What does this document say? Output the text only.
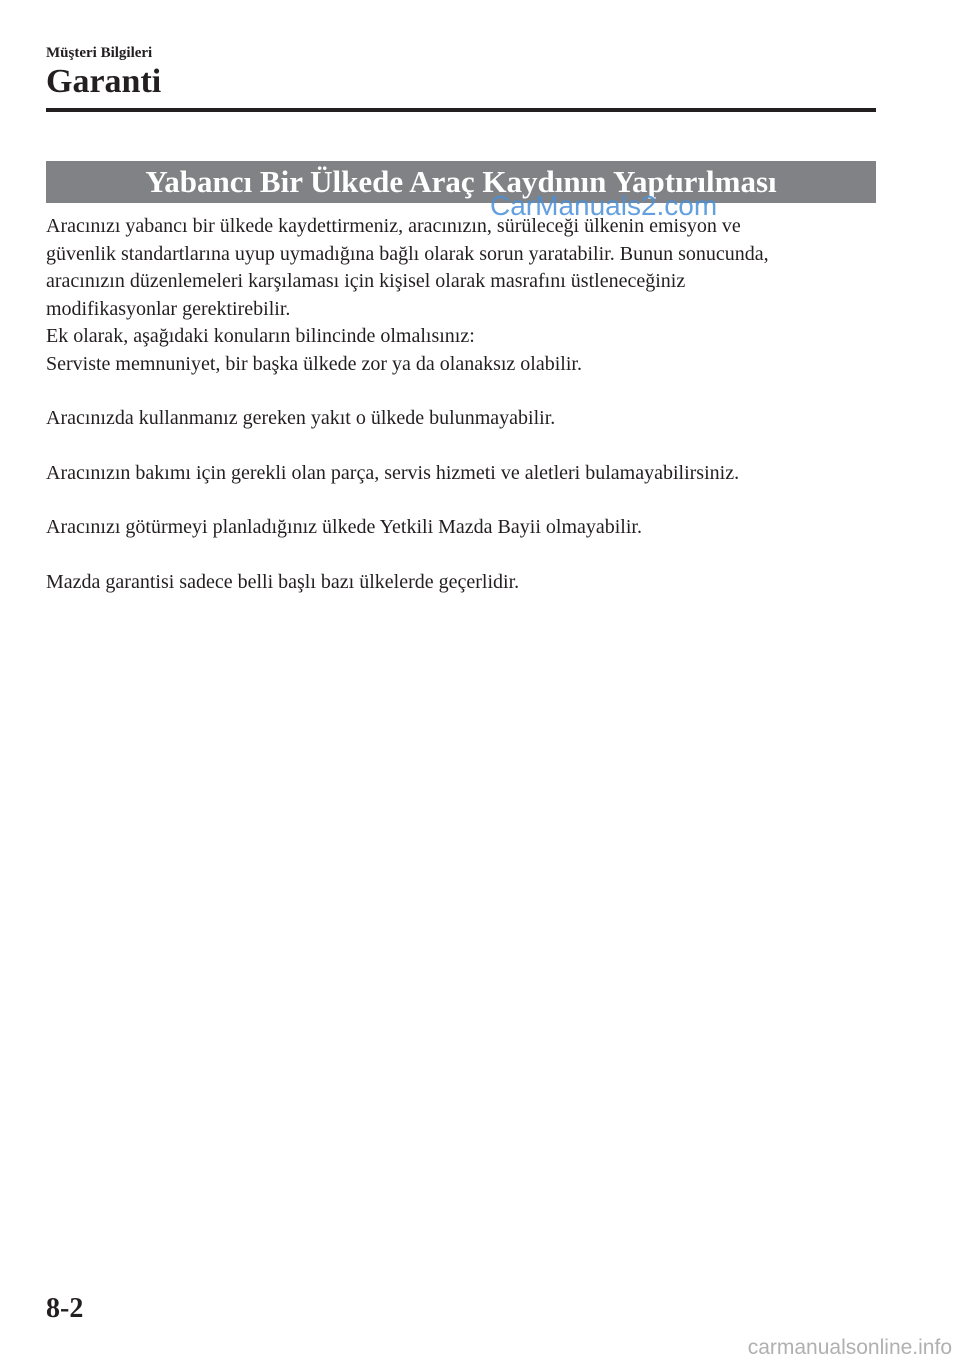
Müşteri Bilgileri
Garanti
Yabancı Bir Ülkede Araç Kaydının Yaptırılması

Aracınızı yabancı bir ülkede kaydettirmeniz, aracınızın, sürüleceği ülkenin emisyon ve

güvenlik standartlarına uyup uymadığına bağlı olarak sorun yaratabilir. Bunun sonucunda,

aracınızın düzenlemeleri karşılaması için kişisel olarak masrafını üstleneceğiniz

modifikasyonlar gerektirebilir.

Ek olarak, aşağıdaki konuların bilincinde olmalısınız:

Serviste memnuniyet, bir başka ülkede zor ya da olanaksız olabilir.

Aracınızda kullanmanız gereken yakıt o ülkede bulunmayabilir.

Aracınızın bakımı için gerekli olan parça, servis hizmeti ve aletleri bulamayabilirsiniz.

Aracınızı götürmeyi planladığınız ülkede Yetkili Mazda Bayii olmayabilir.

Mazda garantisi sadece belli başlı bazı ülkelerde geçerlidir.

CarManuals2.com
8-2
carmanualsonline.info
